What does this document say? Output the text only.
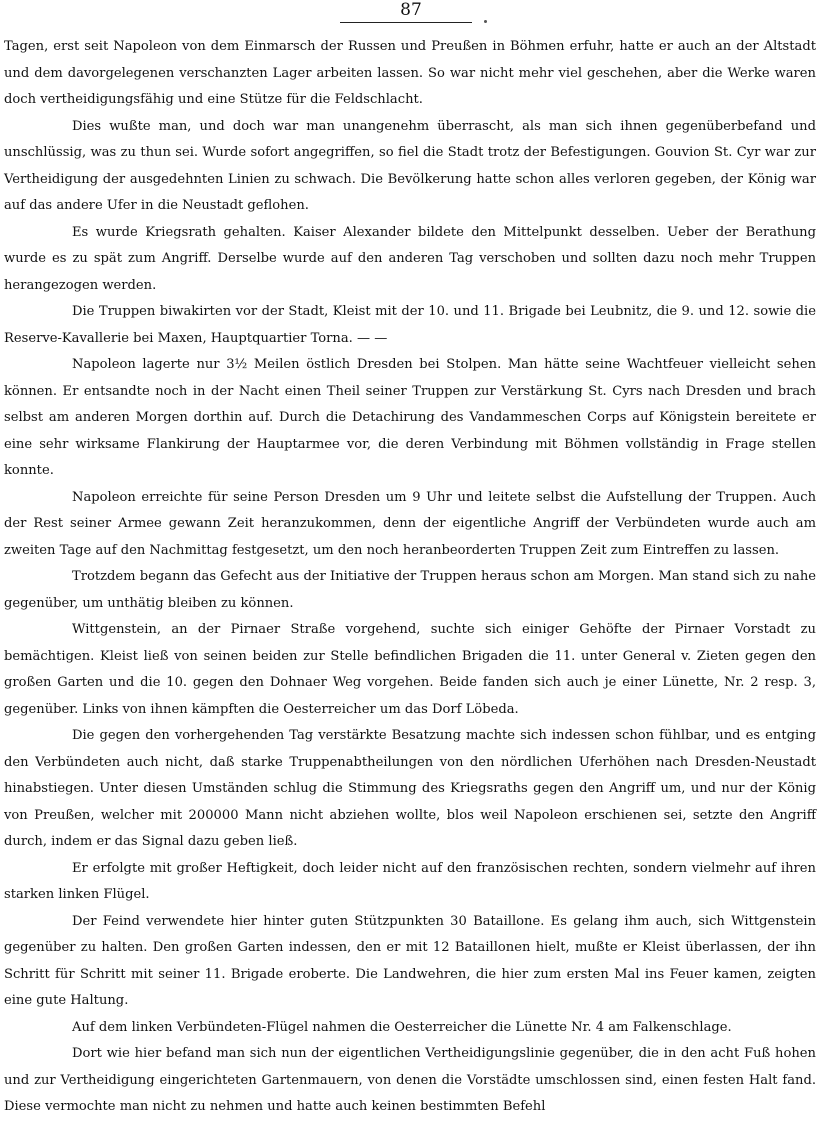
87

Tagen, erst seit Napoleon von dem Einmarsch der Russen und Preußen in Böhmen erfuhr, hatte er auch an der Altstadt und dem davorgelegenen verschanzten Lager arbeiten lassen. So war nicht mehr viel geschehen, aber die Werke waren doch vertheidigungsfähig und eine Stütze für die Feldschlacht.

Dies wußte man, und doch war man unangenehm überrascht, als man sich ihnen gegenüberbefand und unschlüssig, was zu thun sei. Wurde sofort angegriffen, so fiel die Stadt trotz der Befestigungen. Gouvion St. Cyr war zur Vertheidigung der ausgedehnten Linien zu schwach. Die Bevölkerung hatte schon alles verloren gegeben, der König war auf das andere Ufer in die Neustadt geflohen.

Es wurde Kriegsrath gehalten. Kaiser Alexander bildete den Mittelpunkt desselben. Ueber der Berathung wurde es zu spät zum Angriff. Derselbe wurde auf den anderen Tag verschoben und sollten dazu noch mehr Truppen herangezogen werden.

Die Truppen biwakirten vor der Stadt, Kleist mit der 10. und 11. Brigade bei Leubnitz, die 9. und 12. sowie die Reserve-Kavallerie bei Maxen, Hauptquartier Torna. — —

Napoleon lagerte nur 3½ Meilen östlich Dresden bei Stolpen. Man hätte seine Wachtfeuer vielleicht sehen können. Er entsandte noch in der Nacht einen Theil seiner Truppen zur Verstärkung St. Cyrs nach Dresden und brach selbst am anderen Morgen dorthin auf. Durch die Detachirung des Vandammeschen Corps auf Königstein bereitete er eine sehr wirksame Flankirung der Hauptarmee vor, die deren Verbindung mit Böhmen vollständig in Frage stellen konnte.

Napoleon erreichte für seine Person Dresden um 9 Uhr und leitete selbst die Aufstellung der Truppen. Auch der Rest seiner Armee gewann Zeit heranzukommen, denn der eigentliche Angriff der Verbündeten wurde auch am zweiten Tage auf den Nachmittag festgesetzt, um den noch heranbeorderten Truppen Zeit zum Eintreffen zu lassen.

Trotzdem begann das Gefecht aus der Initiative der Truppen heraus schon am Morgen. Man stand sich zu nahe gegenüber, um unthätig bleiben zu können.

Wittgenstein, an der Pirnaer Straße vorgehend, suchte sich einiger Gehöfte der Pirnaer Vorstadt zu bemächtigen. Kleist ließ von seinen beiden zur Stelle befindlichen Brigaden die 11. unter General v. Zieten gegen den großen Garten und die 10. gegen den Dohnaer Weg vorgehen. Beide fanden sich auch je einer Lünette, Nr. 2 resp. 3, gegenüber. Links von ihnen kämpften die Oesterreicher um das Dorf Löbeda.

Die gegen den vorhergehenden Tag verstärkte Besatzung machte sich indessen schon fühlbar, und es entging den Verbündeten auch nicht, daß starke Truppenabtheilungen von den nördlichen Uferhöhen nach Dresden-Neustadt hinabstiegen. Unter diesen Umständen schlug die Stimmung des Kriegsraths gegen den Angriff um, und nur der König von Preußen, welcher mit 200000 Mann nicht abziehen wollte, blos weil Napoleon erschienen sei, setzte den Angriff durch, indem er das Signal dazu geben ließ.

Er erfolgte mit großer Heftigkeit, doch leider nicht auf den französischen rechten, sondern vielmehr auf ihren starken linken Flügel.

Der Feind verwendete hier hinter guten Stützpunkten 30 Bataillone. Es gelang ihm auch, sich Wittgenstein gegenüber zu halten. Den großen Garten indessen, den er mit 12 Bataillonen hielt, mußte er Kleist überlassen, der ihn Schritt für Schritt mit seiner 11. Brigade eroberte. Die Landwehren, die hier zum ersten Mal ins Feuer kamen, zeigten eine gute Haltung.

Auf dem linken Verbündeten-Flügel nahmen die Oesterreicher die Lünette Nr. 4 am Falkenschlage.

Dort wie hier befand man sich nun der eigentlichen Vertheidigungslinie gegenüber, die in den acht Fuß hohen und zur Vertheidigung eingerichteten Gartenmauern, von denen die Vorstädte umschlossen sind, einen festen Halt fand. Diese vermochte man nicht zu nehmen und hatte auch keinen bestimmten Befehl
